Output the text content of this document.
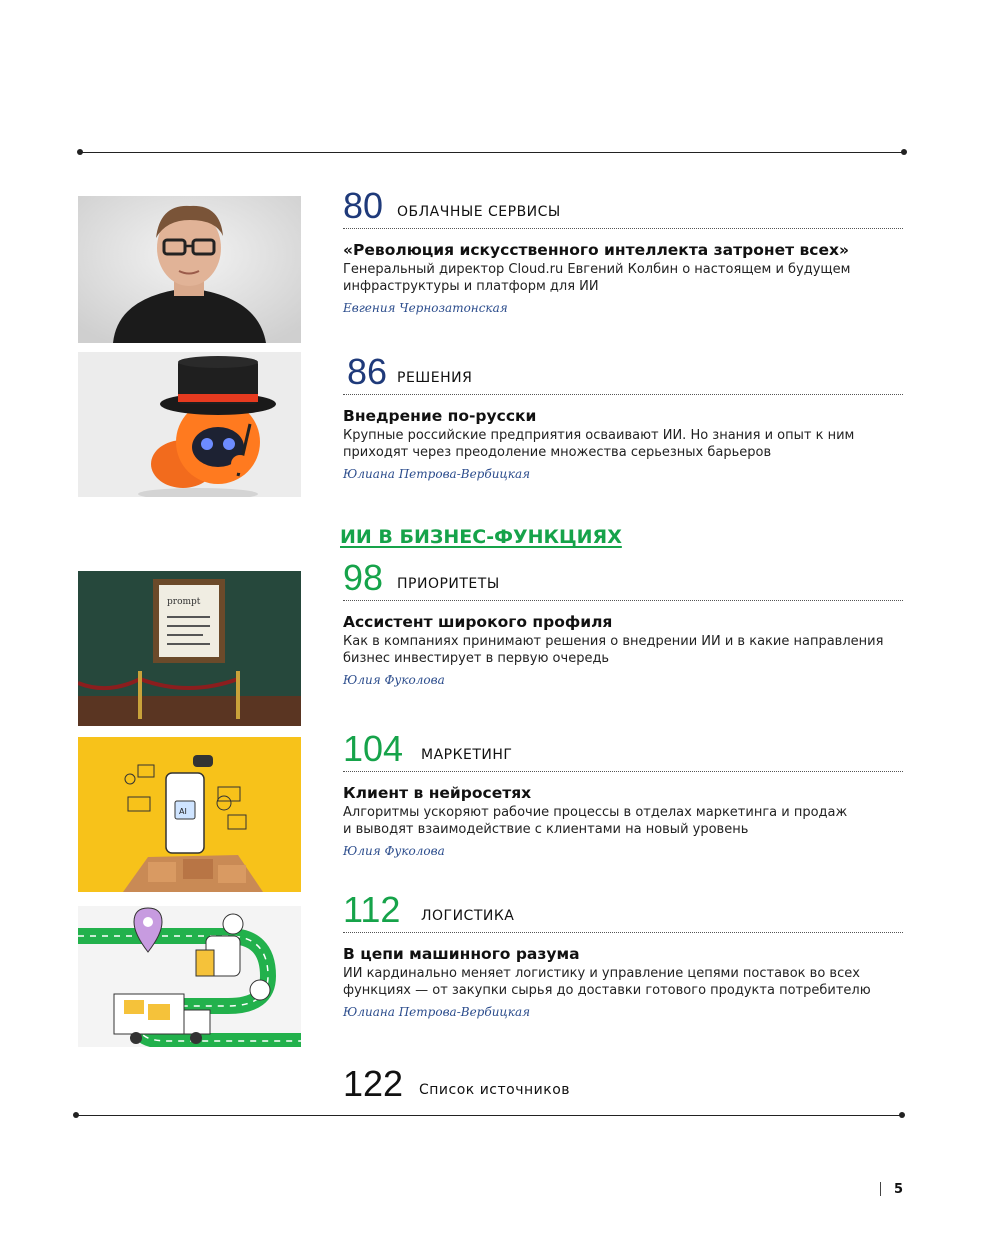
80 ОБЛАЧНЫЕ СЕРВИСЫ
«Революция искусственного интеллекта затронет всех»
Генеральный директор Cloud.ru Евгений Колбин о настоящем и будущем
инфраструктуры и платформ для ИИ
Евгения Чернозатонская
86 РЕШЕНИЯ
Внедрение по-русски
Крупные российские предприятия осваивают ИИ. Но знания и опыт к ним
приходят через преодоление множества серьезных барьеров
Юлиана Петрова-Вербицкая
ИИ В БИЗНЕС-ФУНКЦИЯХ
prompt
98 ПРИОРИТЕТЫ
Ассистент широкого профиля
Как в компаниях принимают решения о внедрении ИИ и в какие направления
бизнес инвестирует в первую очередь
Юлия Фуколова
AI
104 МАРКЕТИНГ
Клиент в нейросетях
Алгоритмы ускоряют рабочие процессы в отделах маркетинга и продаж
и выводят взаимодействие с клиентами на новый уровень
Юлия Фуколова
112 ЛОГИСТИКА
В цепи машинного разума
ИИ кардинально меняет логистику и управление цепями поставок во всех
функциях — от закупки сырья до доставки готового продукта потребителю
Юлиана Петрова-Вербицкая
122 Список источников
5
